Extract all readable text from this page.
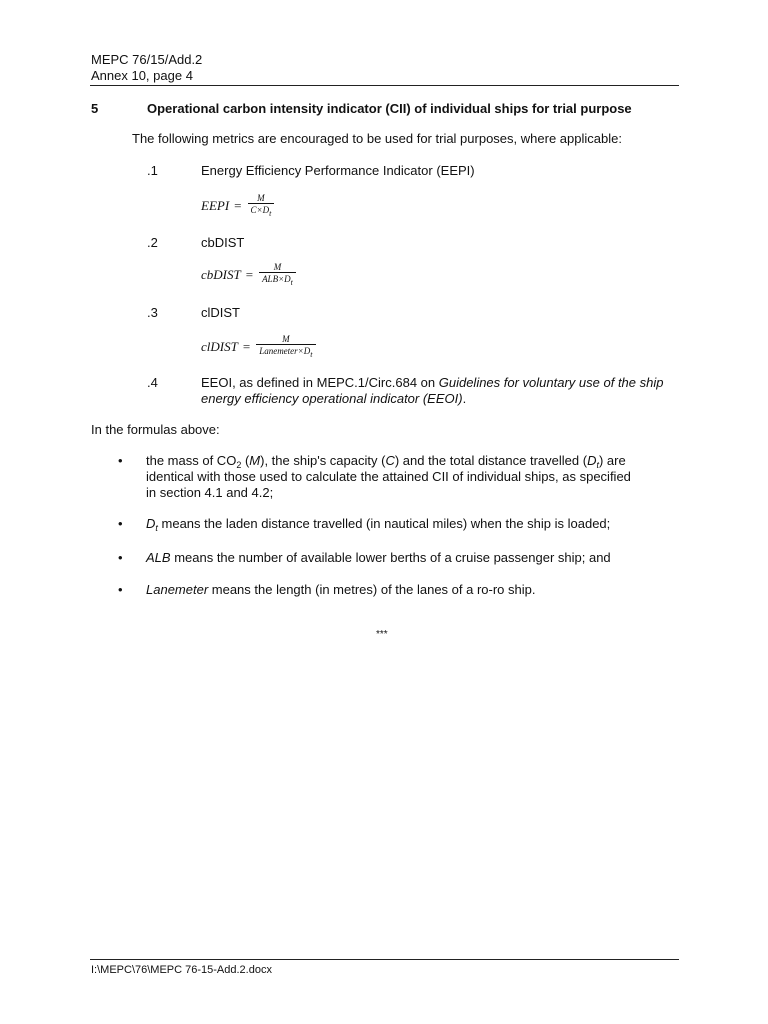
MEPC 76/15/Add.2
Annex 10, page 4
5	Operational carbon intensity indicator (CII) of individual ships for trial purpose
The following metrics are encouraged to be used for trial purposes, where applicable:
.1	Energy Efficiency Performance Indicator (EEPI)
EEPI = $\frac{M}{C\times Dt}$
.2	cbDIST
cbDIST = $\frac{M}{\text{ALB×Dt}}$
.3	clDIST
clDIST = $\frac{M}{\text{Lanemeter×Dt}}$
.4	EEOI, as defined in MEPC.1/Circ.684 on Guidelines for voluntary use of the ship energy efficiency operational indicator (EEOI).
In the formulas above:
• the mass of $CO_2$ (M), the ship's capacity (C) and the total distance travelled $(D_t)$ are
identical with those used to calculate the attained CII of individual ships, as specified
in section 4.1 and 4.2;
• $D_t$ means the laden distance travelled (in nautical miles) when the ship is loaded;
• ALB means the number of available lower berths of a cruise passenger ship; and
• Lanemeter means the length (in metres) of the lanes of a ro-ro ship.
***
I:\MEPC\76\MEPC 76-15-Add.2.docx
